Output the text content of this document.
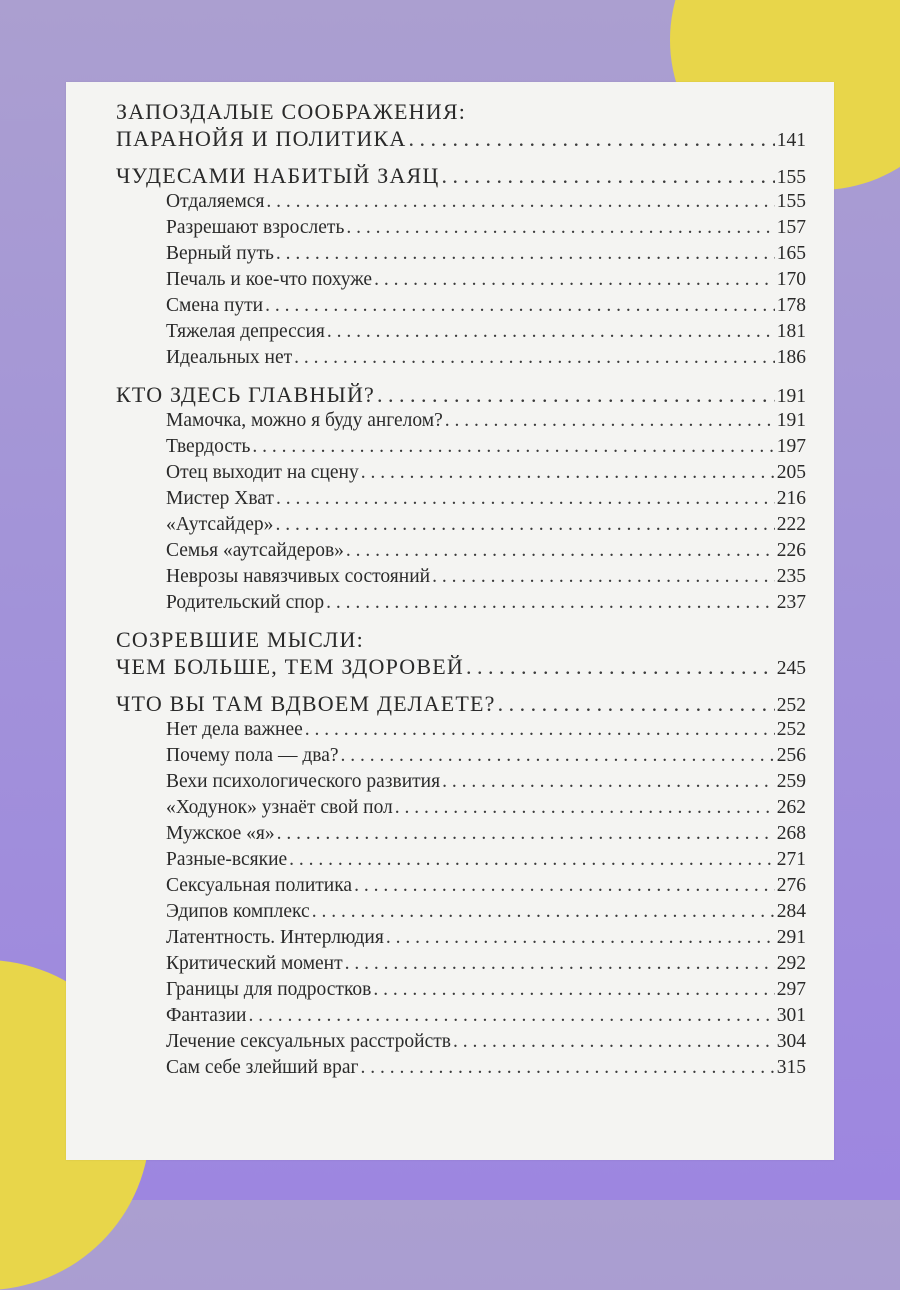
ЗАПОЗДАЛЫЕ СООБРАЖЕНИЯ:
ПАРАНОЙЯ И ПОЛИТИКА . . .	141
ЧУДЕСАМИ НАБИТЫЙ ЗАЯЦ . . .	155
Отдаляемся . . .	155
Разрешают взрослеть . . .	157
Верный путь . . .	165
Печаль и кое-что похуже . . .	170
Смена пути . . .	178
Тяжелая депрессия . . .	181
Идеальных нет . . .	186
КТО ЗДЕСЬ ГЛАВНЫЙ? . . .	191
Мамочка, можно я буду ангелом? . . .	191
Твердость . . .	197
Отец выходит на сцену . . .	205
Мистер Хват . . .	216
«Аутсайдер» . . .	222
Семья «аутсайдеров» . . .	226
Неврозы навязчивых состояний . . .	235
Родительский спор . . .	237
СОЗРЕВШИЕ МЫСЛИ:
ЧЕМ БОЛЬШЕ, ТЕМ ЗДОРОВЕЙ . . .	245
ЧТО ВЫ ТАМ ВДВОЕМ ДЕЛАЕТЕ? . . .	252
Нет дела важнее . . .	252
Почему пола — два? . . .	256
Вехи психологического развития . . .	259
«Ходунок» узнаёт свой пол . . .	262
Мужское «я» . . .	268
Разные-всякие . . .	271
Сексуальная политика . . .	276
Эдипов комплекс . . .	284
Латентность. Интерлюдия . . .	291
Критический момент . . .	292
Границы для подростков . . .	297
Фантазии . . .	301
Лечение сексуальных расстройств . . .	304
Сам себе злейший враг . . .	315
